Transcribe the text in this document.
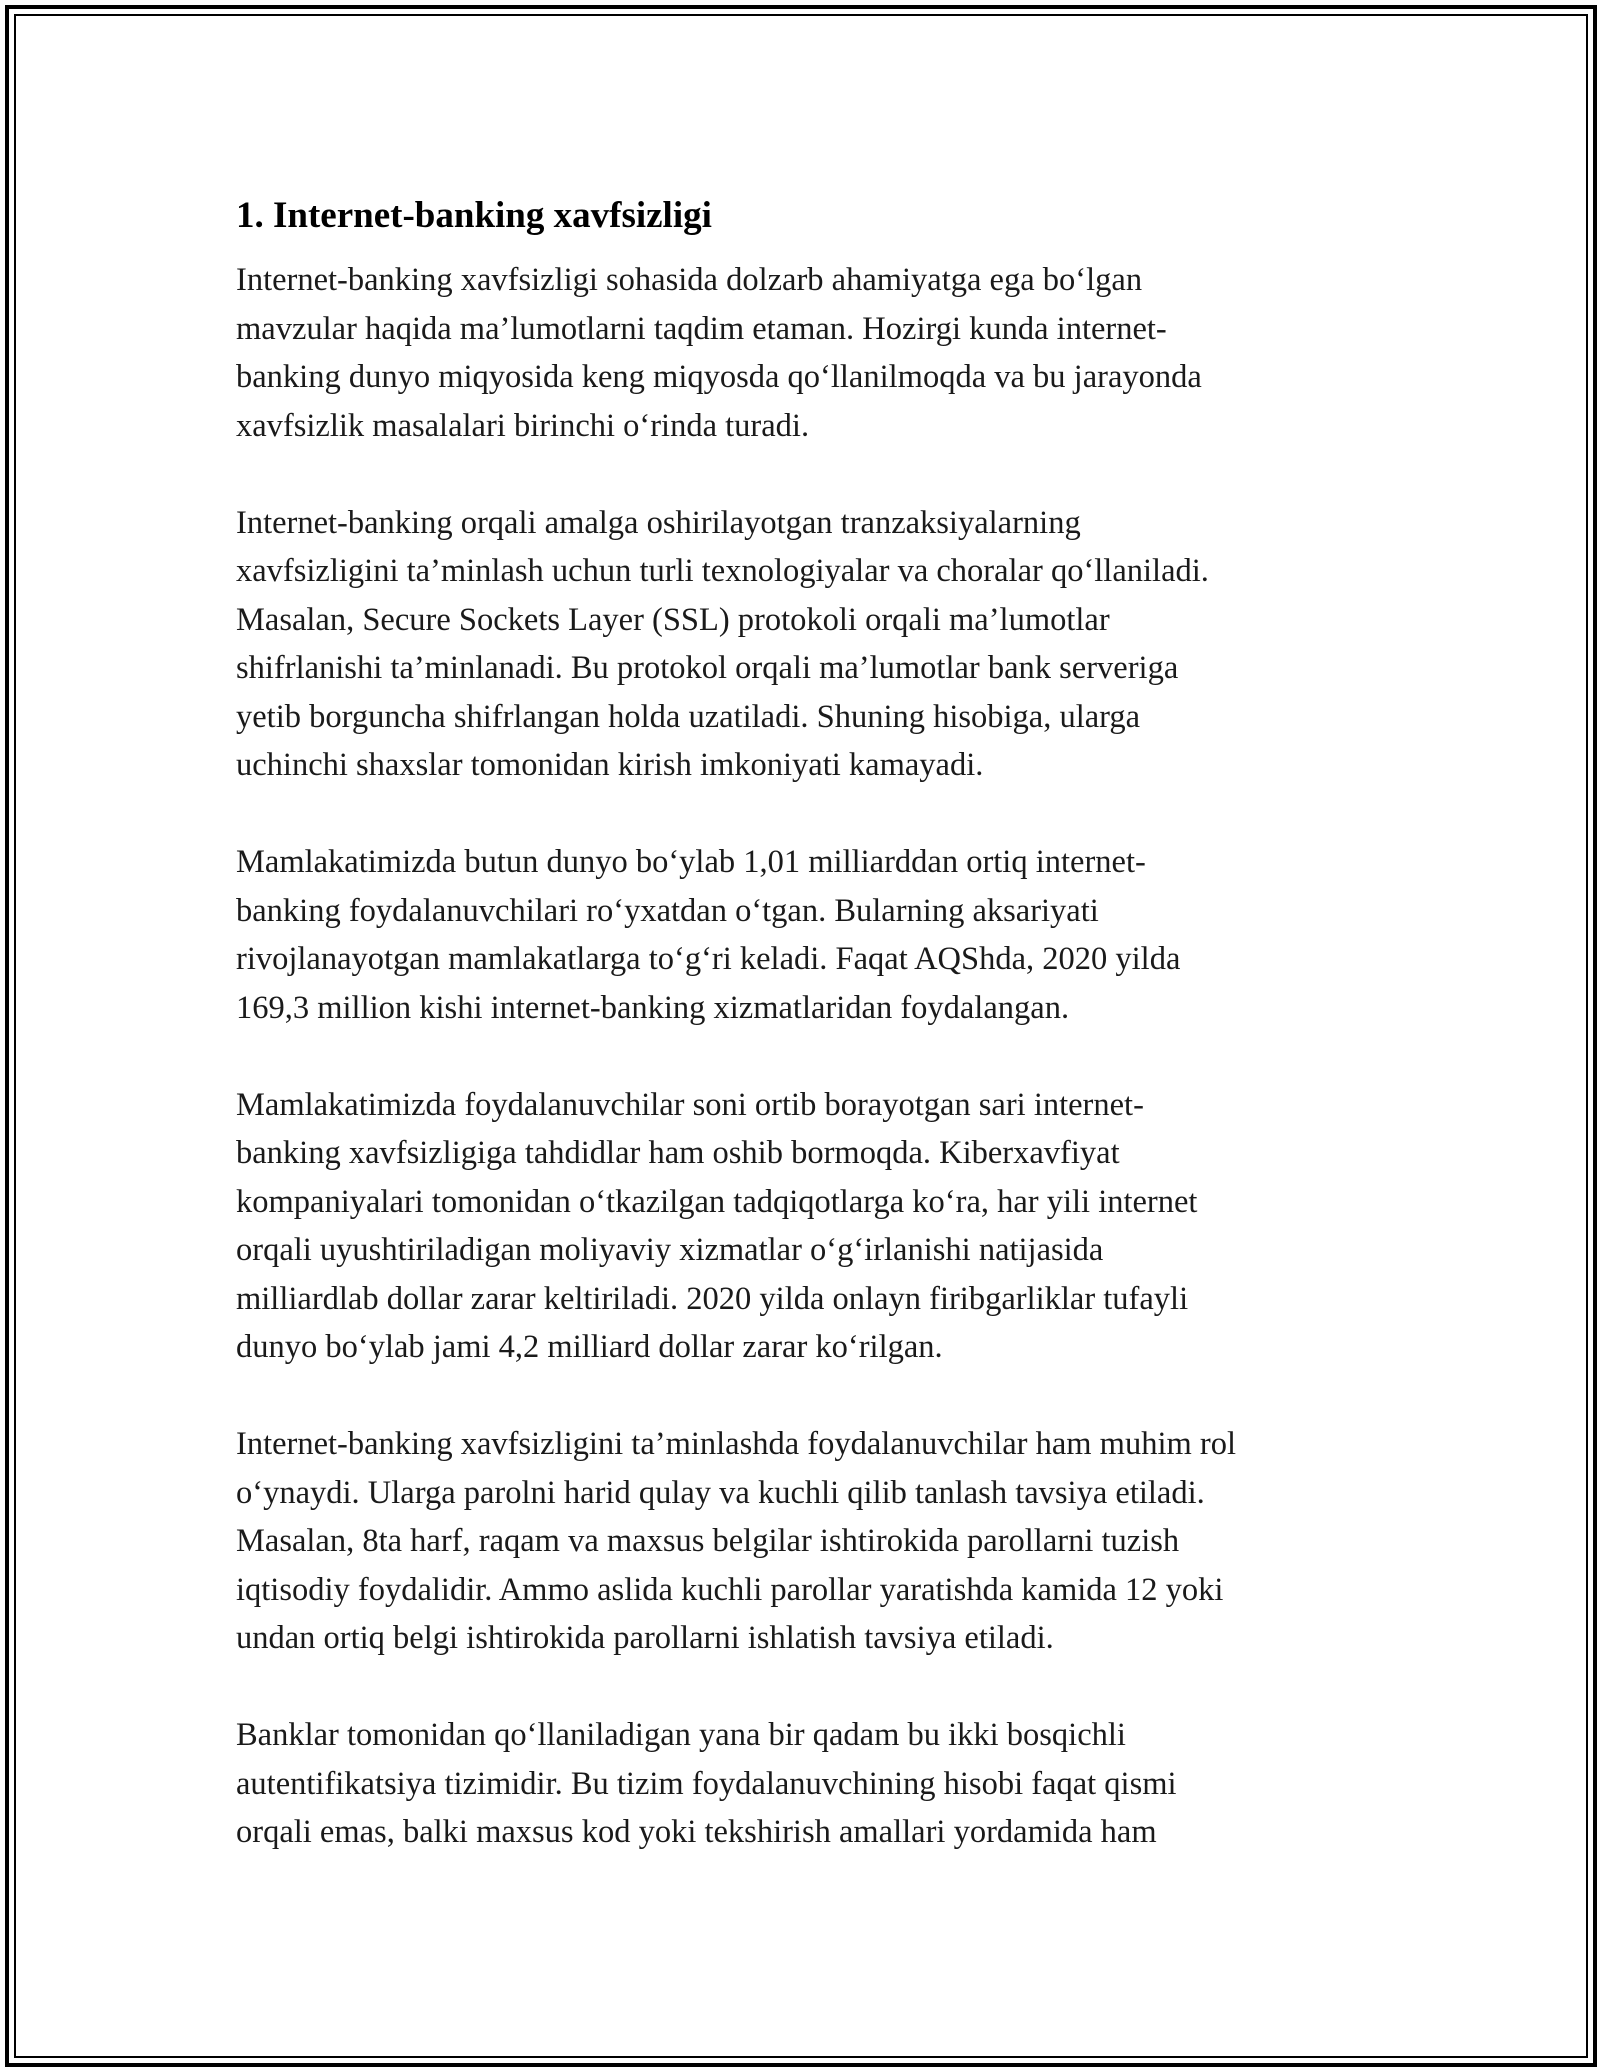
1. Internet-banking xavfsizligi

Internet-banking xavfsizligi sohasida dolzarb ahamiyatga ega bo‘lgan
mavzular haqida ma’lumotlarni taqdim etaman. Hozirgi kunda internet-
banking dunyo miqyosida keng miqyosda qo‘llanilmoqda va bu jarayonda
xavfsizlik masalalari birinchi o‘rinda turadi.

Internet-banking orqali amalga oshirilayotgan tranzaksiyalarning
xavfsizligini ta’minlash uchun turli texnologiyalar va choralar qo‘llaniladi.
Masalan, Secure Sockets Layer (SSL) protokoli orqali ma’lumotlar
shifrlanishi ta’minlanadi. Bu protokol orqali ma’lumotlar bank serveriga
yetib borguncha shifrlangan holda uzatiladi. Shuning hisobiga, ularga
uchinchi shaxslar tomonidan kirish imkoniyati kamayadi.

Mamlakatimizda butun dunyo bo‘ylab 1,01 milliarddan ortiq internet-
banking foydalanuvchilari ro‘yxatdan o‘tgan. Bularning aksariyati
rivojlanayotgan mamlakatlarga to‘g‘ri keladi. Faqat AQShda, 2020 yilda
169,3 million kishi internet-banking xizmatlaridan foydalangan.

Mamlakatimizda foydalanuvchilar soni ortib borayotgan sari internet-
banking xavfsizligiga tahdidlar ham oshib bormoqda. Kiberxavfiyat
kompaniyalari tomonidan o‘tkazilgan tadqiqotlarga ko‘ra, har yili internet
orqali uyushtiriladigan moliyaviy xizmatlar o‘g‘irlanishi natijasida
milliardlab dollar zarar keltiriladi. 2020 yilda onlayn firibgarliklar tufayli
dunyo bo‘ylab jami 4,2 milliard dollar zarar ko‘rilgan.

Internet-banking xavfsizligini ta’minlashda foydalanuvchilar ham muhim rol
o‘ynaydi. Ularga parolni harid qulay va kuchli qilib tanlash tavsiya etiladi.
Masalan, 8ta harf, raqam va maxsus belgilar ishtirokida parollarni tuzish
iqtisodiy foydalidir. Ammo aslida kuchli parollar yaratishda kamida 12 yoki
undan ortiq belgi ishtirokida parollarni ishlatish tavsiya etiladi.

Banklar tomonidan qo‘llaniladigan yana bir qadam bu ikki bosqichli
autentifikatsiya tizimidir. Bu tizim foydalanuvchining hisobi faqat qismi
orqali emas, balki maxsus kod yoki tekshirish amallari yordamida ham
